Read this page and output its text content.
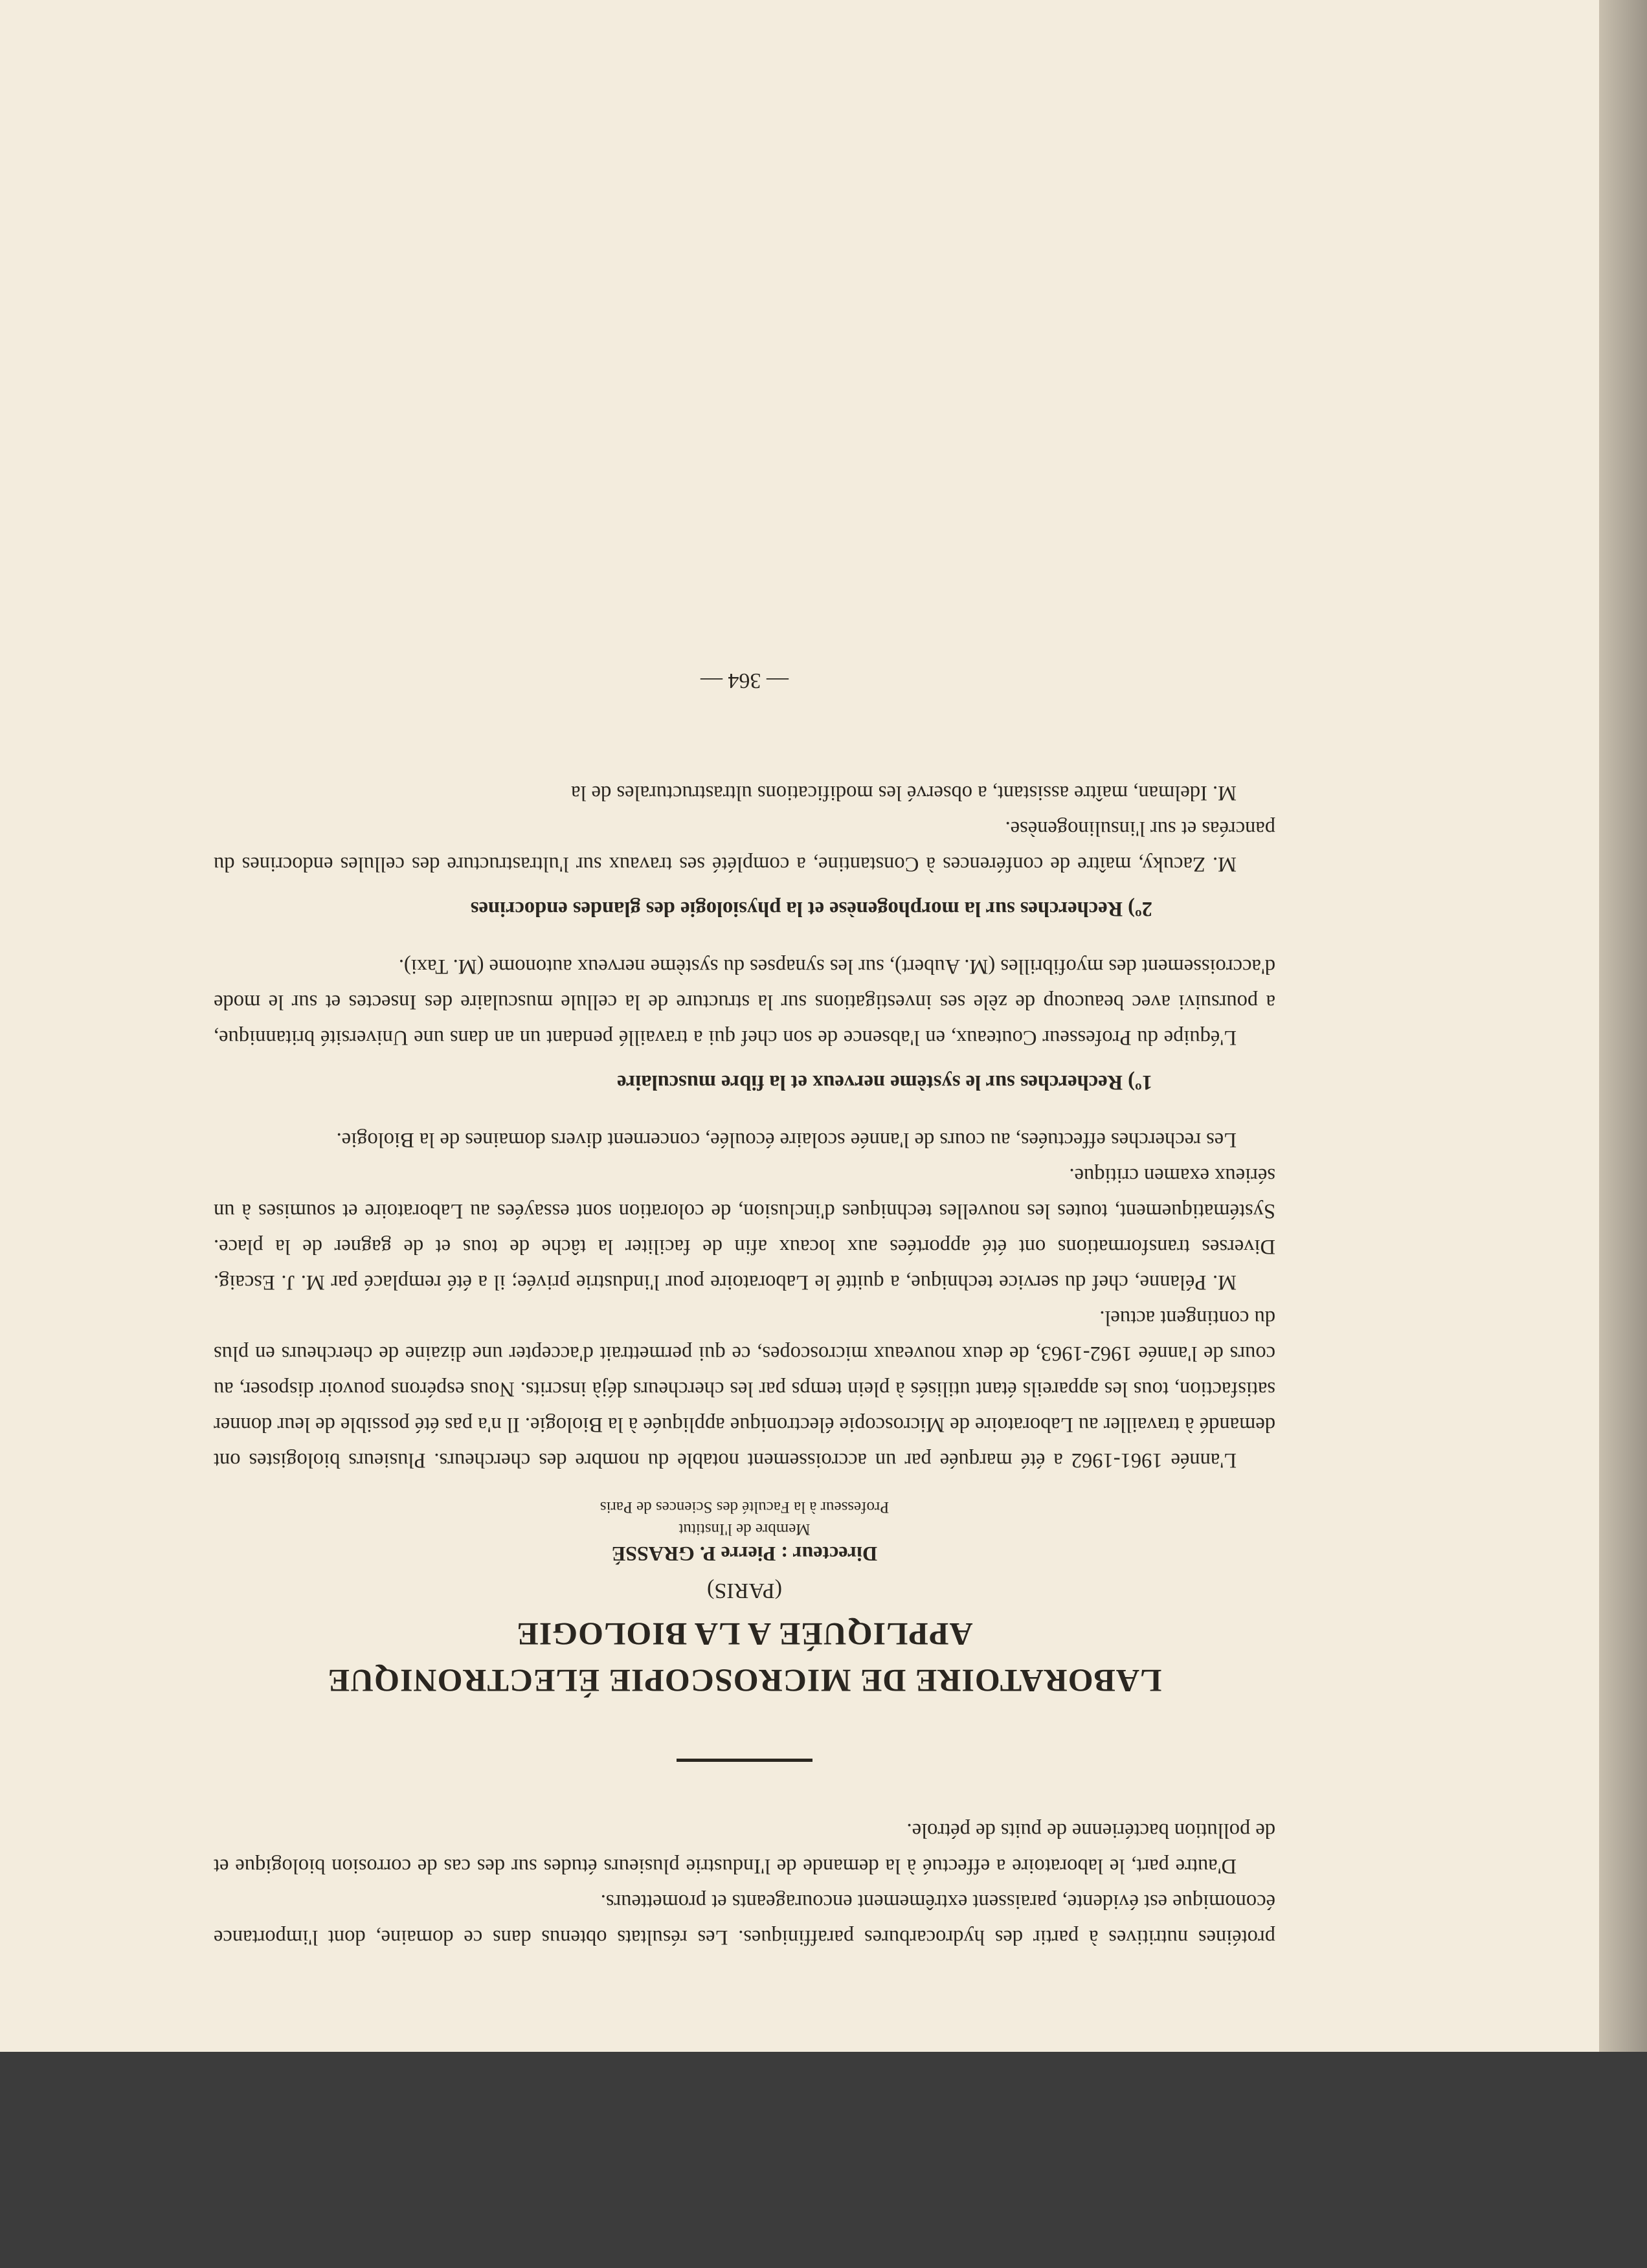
protéines nutritives à partir des hydrocarbures paraffiniques. Les résultats obtenus dans ce domaine, dont l'importance économique est évidente, paraissent extrêmement encourageants et prometteurs.

D'autre part, le laboratoire a effectué à la demande de l'Industrie plusieurs études sur des cas de corrosion biologique et de pollution bactérienne de puits de pétrole.

LABORATOIRE DE MICROSCOPIE ÉLECTRONIQUE

APPLIQUÉE A LA BIOLOGIE

(PARIS)

Directeur : Pierre P. GRASSÉ

Membre de l'Institut

Professeur à la Faculté des Sciences de Paris

L'année 1961-1962 a été marquée par un accroissement notable du nombre des chercheurs. Plusieurs biologistes ont demandé à travailler au Laboratoire de Microscopie électronique appliquée à la Biologie. Il n'a pas été possible de leur donner satisfaction, tous les appareils étant utilisés à plein temps par les chercheurs déjà inscrits. Nous espérons pouvoir disposer, au cours de l'année 1962-1963, de deux nouveaux microscopes, ce qui permettrait d'accepter une dizaine de chercheurs en plus du contingent actuel.

M. Pélanne, chef du service technique, a quitté le Laboratoire pour l'industrie privée; il a été remplacé par M. J. Escaig. Diverses transformations ont été apportées aux locaux afin de faciliter la tâche de tous et de gagner de la place. Systématiquement, toutes les nouvelles techniques d'inclusion, de coloration sont essayées au Laboratoire et soumises à un sérieux examen critique.

Les recherches effectuées, au cours de l'année scolaire écoulée, concernent divers domaines de la Biologie.

1º) Recherches sur le système nerveux et la fibre musculaire

L'équipe du Professeur Couteaux, en l'absence de son chef qui a travaillé pendant un an dans une Université britannique, a poursuivi avec beaucoup de zèle ses investigations sur la structure de la cellule musculaire des Insectes et sur le mode d'accroissement des myofibrilles (M. Aubert), sur les synapses du système nerveux autonome (M. Taxi).

2º) Recherches sur la morphogenèse et la physiologie des glandes endocrines

M. Zacuky, maître de conférences à Constantine, a complété ses travaux sur l'ultrastructure des cellules endocrines du pancréas et sur l'insulinogenèse.

M. Idelman, maître assistant, a observé les modifications ultrastructurales de la

— 364 —
